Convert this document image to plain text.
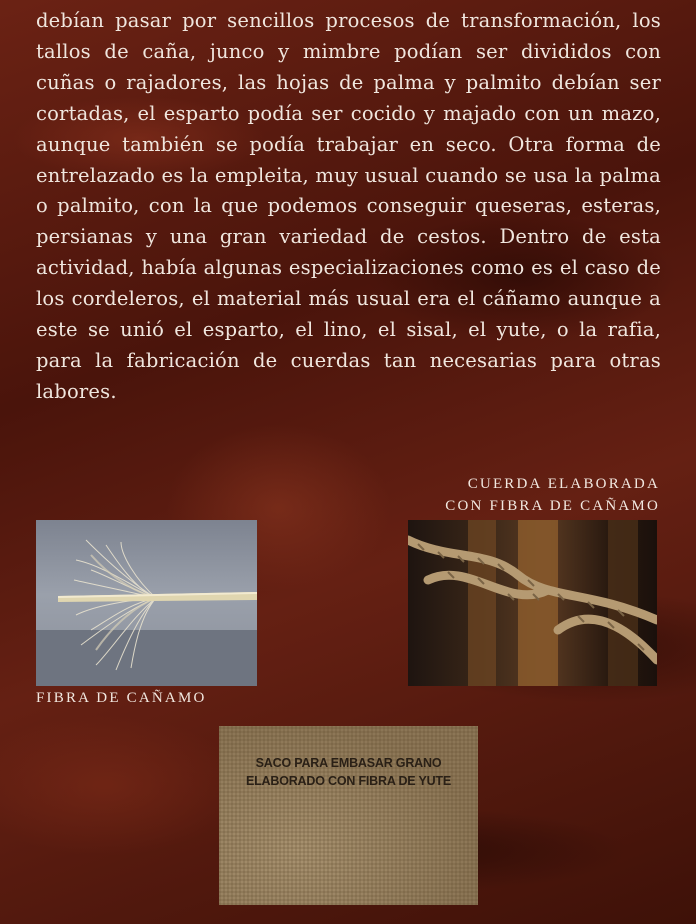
debían pasar por sencillos procesos de transformación, los tallos de caña, junco y mimbre podían ser divididos con cuñas o rajadores, las hojas de palma y palmito debían ser cortadas, el esparto podía ser cocido y majado con un mazo, aunque también se podía trabajar en seco. Otra forma de entrelazado es la empleita, muy usual cuando se usa la palma o palmito, con la que podemos conseguir queseras, esteras, persianas y una gran variedad de cestos. Dentro de esta actividad, había algunas especializaciones como es el caso de los cordeleros, el material más usual era el cáñamo aunque a este se unió el esparto, el lino, el sisal, el yute, o la rafia, para la fabricación de cuerdas tan necesarias para otras labores.
CUERDA ELABORADA
CON FIBRA DE CAÑAMO
FIBRA DE CAÑAMO
SACO PARA EMBASAR GRANO
ELABORADO CON FIBRA DE YUTE
